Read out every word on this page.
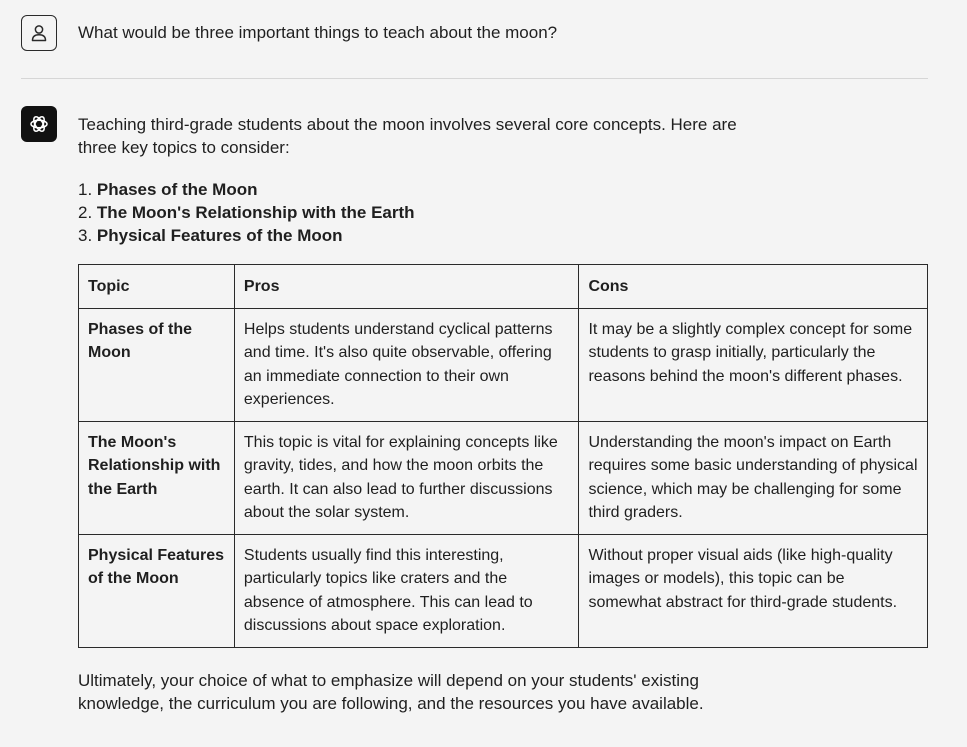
What would be three important things to teach about the moon?

Teaching third-grade students about the moon involves several core concepts. Here are three key topics to consider:

1. Phases of the Moon
2. The Moon's Relationship with the Earth
3. Physical Features of the Moon
Topic	Pros	Cons
Phases of the Moon	Helps students understand cyclical patterns and time. It's also quite observable, offering an immediate connection to their own experiences.	It may be a slightly complex concept for some students to grasp initially, particularly the reasons behind the moon's different phases.
The Moon's Relationship with the Earth	This topic is vital for explaining concepts like gravity, tides, and how the moon orbits the earth. It can also lead to further discussions about the solar system.	Understanding the moon's impact on Earth requires some basic understanding of physical science, which may be challenging for some third graders.
Physical Features of the Moon	Students usually find this interesting, particularly topics like craters and the absence of atmosphere. This can lead to discussions about space exploration.	Without proper visual aids (like high-quality images or models), this topic can be somewhat abstract for third-grade students.

Ultimately, your choice of what to emphasize will depend on your students' existing knowledge, the curriculum you are following, and the resources you have available.
